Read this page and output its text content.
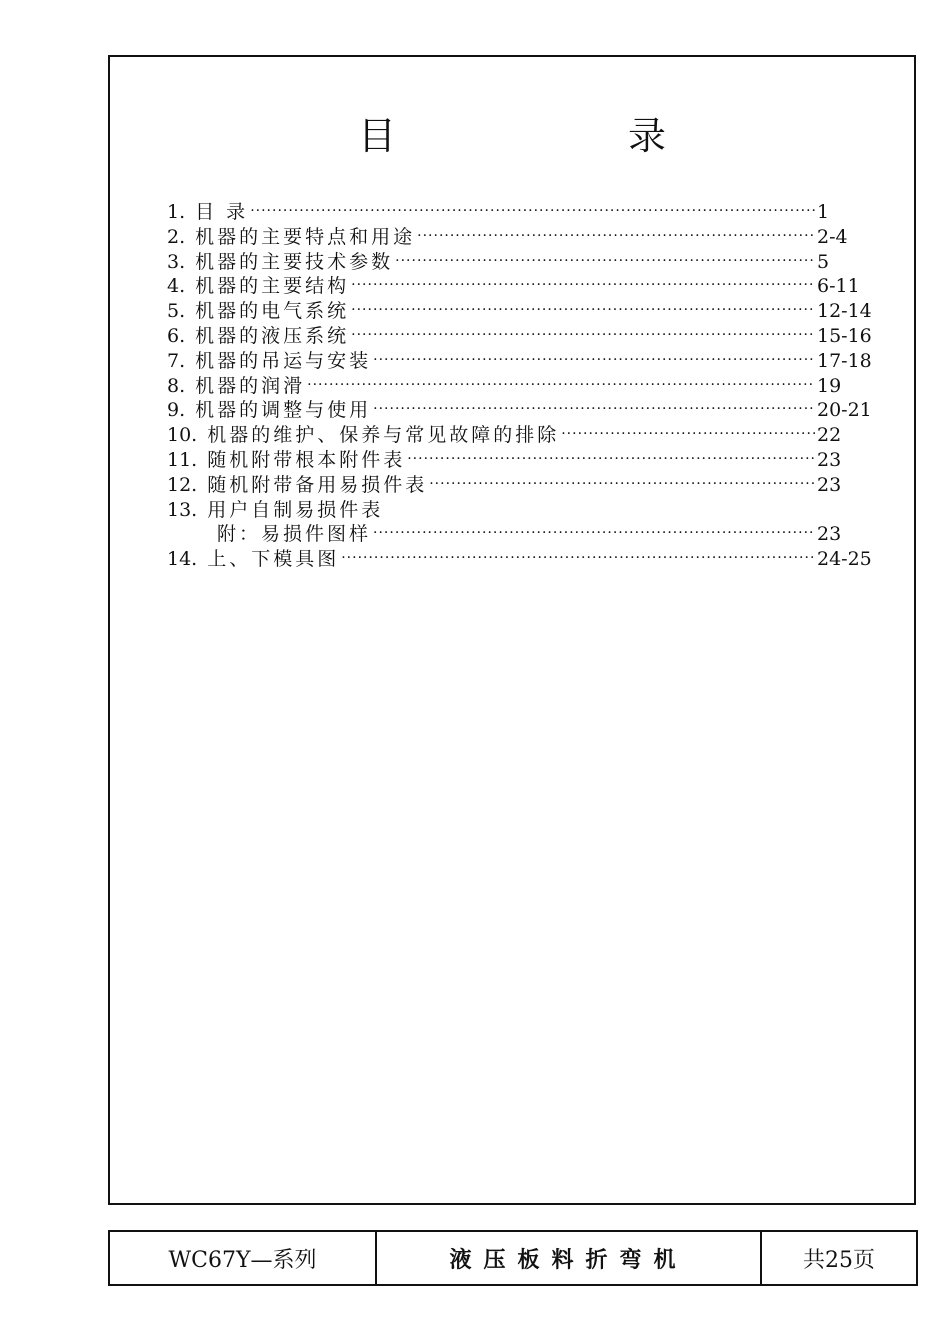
目 录
1. 目 录 ·····	1
2. 机器的主要特点和用途 ·····	2-4
3. 机器的主要技术参数 ·····	5
4. 机器的主要结构 ·····	6-11
5. 机器的电气系统 ·····	12-14
6. 机器的液压系统 ·····	15-16
7. 机器的吊运与安装 ·····	17-18
8. 机器的润滑 ·····	19
9. 机器的调整与使用 ·····	20-21
10. 机器的维护、保养与常见故障的排除 ·····	22
11. 随机附带根本附件表 ·····	23
12. 随机附带备用易损件表 ·····	23
13. 用户自制易损件表
附：易损件图样 ·····	23
14. 上、下模具图 ·····	24-25
WC67Y—系列	液压板料折弯机	共25页
